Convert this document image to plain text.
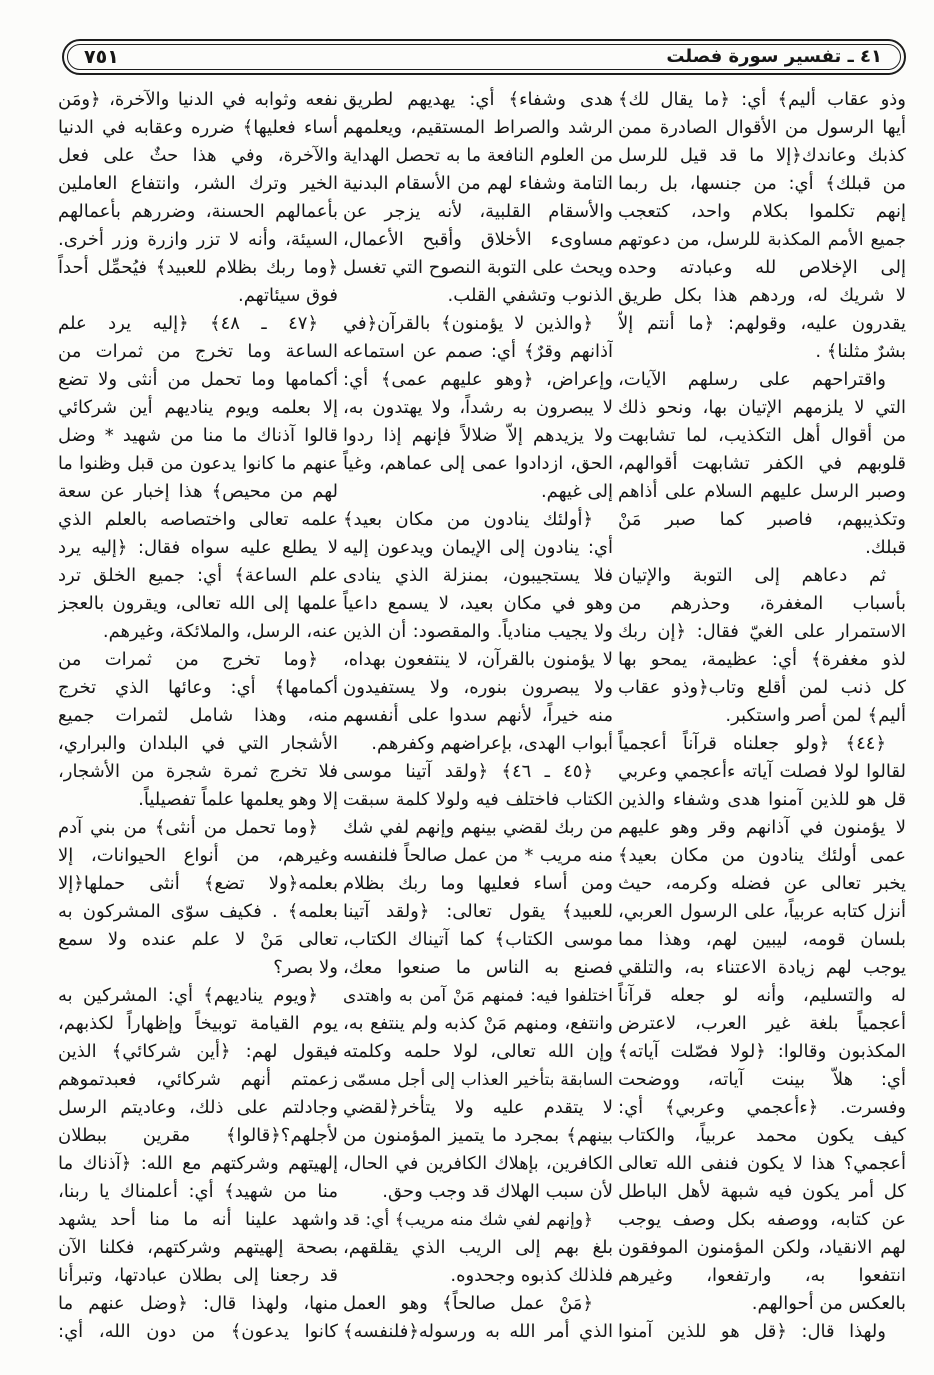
٧٥١	٤١ ـ تفسير سورة فصلت
وذو عقاب أليم﴾ أي: ﴿ما يقال لك﴾
أيها الرسول من الأقوال الصادرة ممن
كذبك وعاندك﴿إلا ما قد قيل للرسل
من قبلك﴾ أي: من جنسها، بل ربما
إنهم تكلموا بكلام واحد، كتعجب
جميع الأمم المكذبة للرسل، من دعوتهم
إلى الإخلاص لله وعبادته وحده
لا شريك له، وردهم هذا بكل طريق
يقدرون عليه، وقولهم: ﴿ما أنتم إلاّ
بشرٌ مثلنا﴾ .
واقتراحهم على رسلهم الآيات،
التي لا يلزمهم الإتيان بها، ونحو ذلك
من أقوال أهل التكذيب، لما تشابهت
قلوبهم في الكفر تشابهت أقوالهم،
وصبر الرسل عليهم السلام على أذاهم
وتكذيبهم، فاصبر كما صبر مَنْ
قبلك.
ثم دعاهم إلى التوبة والإتيان
بأسباب المغفرة، وحذرهم من
الاستمرار على الغيّ فقال: ﴿إن ربك
لذو مغفرة﴾ أي: عظيمة، يمحو بها
كل ذنب لمن أقلع وتاب﴿وذو عقاب
أليم﴾ لمن أصر واستكبر.
﴿٤٤﴾ ﴿ولو جعلناه قرآناً أعجمياً
لقالوا لولا فصلت آياته ءأعجمي وعربي
قل هو للذين آمنوا هدى وشفاء والذين
لا يؤمنون في آذانهم وقر وهو عليهم
عمى أولئك ينادون من مكان بعيد﴾
يخبر تعالى عن فضله وكرمه، حيث
أنزل كتابه عربياً، على الرسول العربي،
بلسان قومه، ليبين لهم، وهذا مما
يوجب لهم زيادة الاعتناء به، والتلقي
له والتسليم، وأنه لو جعله قرآناً
أعجمياً بلغة غير العرب، لاعترض
المكذبون وقالوا: ﴿لولا فصّلت آياته﴾
أي: هلاّ بينت آياته، ووضحت
وفسرت. ﴿ءأعجمي وعربي﴾ أي:
كيف يكون محمد عربياً، والكتاب
أعجمي؟ هذا لا يكون فنفى الله تعالى
كل أمر يكون فيه شبهة لأهل الباطل
عن كتابه، ووصفه بكل وصف يوجب
لهم الانقياد، ولكن المؤمنون الموفقون
انتفعوا به، وارتفعوا، وغيرهم
بالعكس من أحوالهم.
ولهذا قال: ﴿قل هو للذين آمنوا
هدى وشفاء﴾ أي: يهديهم لطريق
الرشد والصراط المستقيم، ويعلمهم
من العلوم النافعة ما به تحصل الهداية
التامة وشفاء لهم من الأسقام البدنية
والأسقام القلبية، لأنه يزجر عن
مساوىء الأخلاق وأقبح الأعمال،
ويحث على التوبة النصوح التي تغسل
الذنوب وتشفي القلب.
﴿والذين لا يؤمنون﴾ بالقرآن﴿في
آذانهم وقرٌ﴾ أي: صمم عن استماعه
وإعراض، ﴿وهو عليهم عمى﴾ أي:
لا يبصرون به رشداً، ولا يهتدون به،
ولا يزيدهم إلاّ ضلالاً فإنهم إذا ردوا
الحق، ازدادوا عمى إلى عماهم، وغياً
إلى غيهم.
﴿أولئك ينادون من مكان بعيد﴾
أي: ينادون إلى الإيمان ويدعون إليه
فلا يستجيبون، بمنزلة الذي ينادى
وهو في مكان بعيد، لا يسمع داعياً
ولا يجيب منادياً. والمقصود: أن الذين
لا يؤمنون بالقرآن، لا ينتفعون بهداه،
ولا يبصرون بنوره، ولا يستفيدون
منه خيراً، لأنهم سدوا على أنفسهم
أبواب الهدى، بإعراضهم وكفرهم.
﴿٤٥ ـ ٤٦﴾ ﴿ولقد آتينا موسى
الكتاب فاختلف فيه ولولا كلمة سبقت
من ربك لقضي بينهم وإنهم لفي شك
منه مريب * من عمل صالحاً فلنفسه
ومن أساء فعليها وما ربك بظلام
للعبيد﴾ يقول تعالى: ﴿ولقد آتينا
موسى الكتاب﴾ كما آتيناك الكتاب،
فصنع به الناس ما صنعوا معك،
اختلفوا فيه: فمنهم مَنْ آمن به واهتدى
وانتفع، ومنهم مَنْ كذبه ولم ينتفع به،
وإن الله تعالى، لولا حلمه وكلمته
السابقة بتأخير العذاب إلى أجل مسمّى
لا يتقدم عليه ولا يتأخر﴿لقضي
بينهم﴾ بمجرد ما يتميز المؤمنون من
الكافرين، بإهلاك الكافرين في الحال،
لأن سبب الهلاك قد وجب وحق.
﴿وإنهم لفي شك منه مريب﴾ أي: قد
بلغ بهم إلى الريب الذي يقلقهم،
فلذلك كذبوه وجحدوه.
﴿مَنْ عمل صالحاً﴾ وهو العمل
الذي أمر الله به ورسوله﴿فلنفسه﴾
نفعه وثوابه في الدنيا والآخرة، ﴿ومَن
أساء فعليها﴾ ضرره وعقابه في الدنيا
والآخرة، وفي هذا حثٌ على فعل
الخير وترك الشر، وانتفاع العاملين
بأعمالهم الحسنة، وضررهم بأعمالهم
السيئة، وأنه لا تزر وازرة وزر أخرى.
﴿وما ربك بظلام للعبيد﴾ فيُحمِّل أحداً
فوق سيئاتهم.
﴿٤٧ ـ ٤٨﴾ ﴿إليه يرد علم
الساعة وما تخرج من ثمرات من
أكمامها وما تحمل من أنثى ولا تضع
إلا بعلمه ويوم يناديهم أين شركائي
قالوا آذناك ما منا من شهيد * وضل
عنهم ما كانوا يدعون من قبل وظنوا ما
لهم من محيص﴾ هذا إخبار عن سعة
علمه تعالى واختصاصه بالعلم الذي
لا يطلع عليه سواه فقال: ﴿إليه يرد
علم الساعة﴾ أي: جميع الخلق ترد
علمها إلى الله تعالى، ويقرون بالعجز
عنه، الرسل، والملائكة، وغيرهم.
﴿وما تخرج من ثمرات من
أكمامها﴾ أي: وعائها الذي تخرج
منه، وهذا شامل لثمرات جميع
الأشجار التي في البلدان والبراري،
فلا تخرج ثمرة شجرة من الأشجار،
إلا وهو يعلمها علماً تفصيلياً.
﴿وما تحمل من أنثى﴾ من بني آدم
وغيرهم، من أنواع الحيوانات، إلا
بعلمه﴿ولا تضع﴾ أنثى حملها﴿إلا
بعلمه﴾ . فكيف سوّى المشركون به
تعالى مَنْ لا علم عنده ولا سمع
ولا بصر؟
﴿ويوم يناديهم﴾ أي: المشركين به
يوم القيامة توبيخاً وإظهاراً لكذبهم،
فيقول لهم: ﴿أين شركائي﴾ الذين
زعمتم أنهم شركائي، فعبدتموهم
وجادلتم على ذلك، وعاديتم الرسل
لأجلهم؟﴿قالوا﴾ مقرين ببطلان
إلهيتهم وشركتهم مع الله: ﴿آذناك ما
منا من شهيد﴾ أي: أعلمناك يا ربنا،
واشهد علينا أنه ما منا أحد يشهد
بصحة إلهيتهم وشركتهم، فكلنا الآن
قد رجعنا إلى بطلان عبادتها، وتبرأنا
منها، ولهذا قال: ﴿وضل عنهم ما
كانوا يدعون﴾ من دون الله، أي:
